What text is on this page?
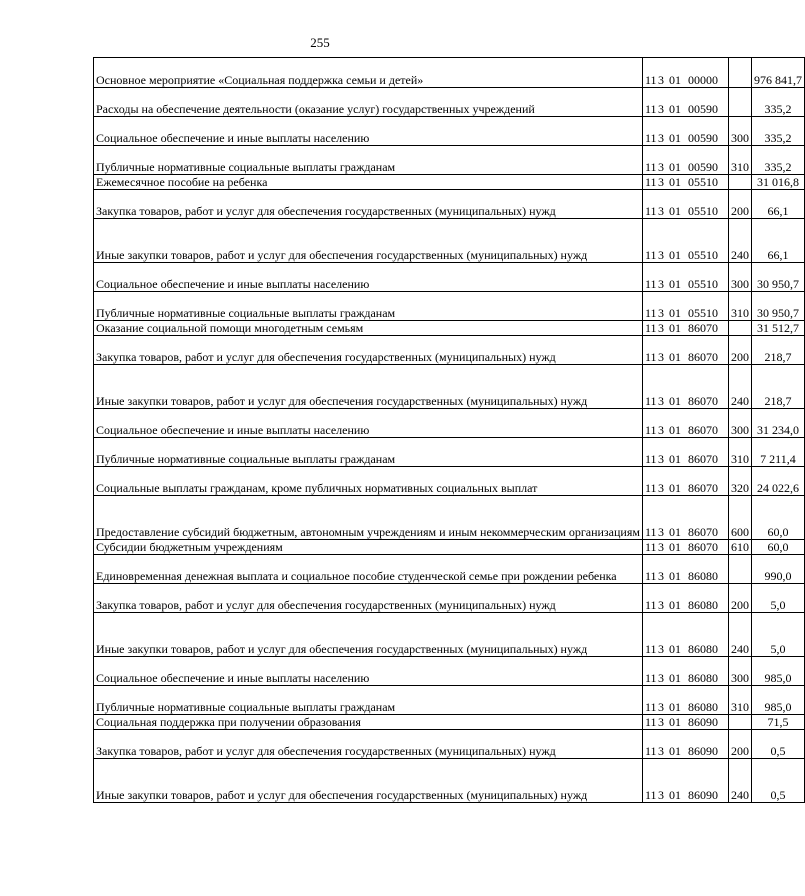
255
Основное мероприятие «Социальная поддержка семьи и детей»	113 01 00000		976 841,7
Расходы на обеспечение деятельности (оказание услуг) государственных учреждений	113 01 00590		335,2
Социальное обеспечение и иные выплаты населению	113 01 00590	300	335,2
Публичные нормативные социальные выплаты гражданам	113 01 00590	310	335,2
Ежемесячное пособие на ребенка	113 01 05510		31 016,8
Закупка товаров, работ и услуг для обеспечения государственных (муниципальных) нужд	113 01 05510	200	66,1
Иные закупки товаров, работ и услуг для обеспечения государственных (муниципальных) нужд	113 01 05510	240	66,1
Социальное обеспечение и иные выплаты населению	113 01 05510	300	30 950,7
Публичные нормативные социальные выплаты гражданам	113 01 05510	310	30 950,7
Оказание социальной помощи многодетным семьям	113 01 86070		31 512,7
Закупка товаров, работ и услуг для обеспечения государственных (муниципальных) нужд	113 01 86070	200	218,7
Иные закупки товаров, работ и услуг для обеспечения государственных (муниципальных) нужд	113 01 86070	240	218,7
Социальное обеспечение и иные выплаты населению	113 01 86070	300	31 234,0
Публичные нормативные социальные выплаты гражданам	113 01 86070	310	7 211,4
Социальные выплаты гражданам, кроме публичных нормативных социальных выплат	113 01 86070	320	24 022,6
Предоставление субсидий бюджетным, автономным учреждениям и иным некоммерческим организациям	113 01 86070	600	60,0
Субсидии бюджетным учреждениям	113 01 86070	610	60,0
Единовременная денежная выплата и социальное пособие студенческой семье при рождении ребенка	113 01 86080		990,0
Закупка товаров, работ и услуг для обеспечения государственных (муниципальных) нужд	113 01 86080	200	5,0
Иные закупки товаров, работ и услуг для обеспечения государственных (муниципальных) нужд	113 01 86080	240	5,0
Социальное обеспечение и иные выплаты населению	113 01 86080	300	985,0
Публичные нормативные социальные выплаты гражданам	113 01 86080	310	985,0
Социальная поддержка при получении образования	113 01 86090		71,5
Закупка товаров, работ и услуг для обеспечения государственных (муниципальных) нужд	113 01 86090	200	0,5
Иные закупки товаров, работ и услуг для обеспечения государственных (муниципальных) нужд	113 01 86090	240	0,5
